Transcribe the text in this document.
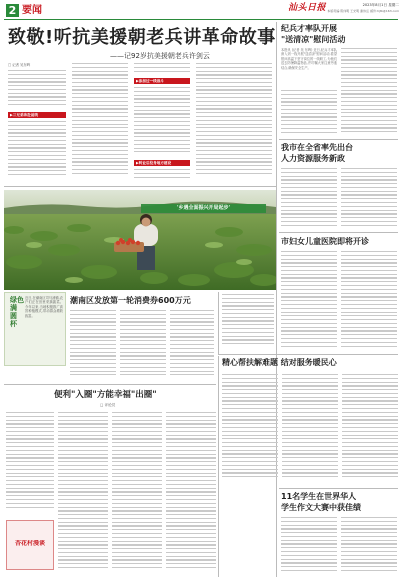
2 要闻	汕头日报	2023年8月1日 星期二
本版责编:陈伟明 王光明 谢伟岳 邮件:hjtb@163.com
致敬!听抗美援朝老兵讲革命故事
——记92岁抗美援朝老兵许剑云
□ 记者 吴东晖
▶三兄弟奔赴前线
▶参加过一线战斗
▶转业后投身地方建设
纪兵才率队开展
"送清凉"慰问活动
本报讯 (记者 吴 东晖) 近日,纪兵才率队深入到一线开展"送清凉"慰问活动,看望慰问高温下坚守岗位的一线职工,为他们送去防暑降温物品,并叮嘱大家注意劳逸结合,确保安全生产。
我市在全省率先出台
人力资源服务新政
市妇女儿童医院即将开诊
精心帮扶解难题 结对服务暖民心
11名学生在世界华人
学生作文大赛中获佳绩
'乡遇全面振兴开局起步'
绿色
满
圆
杯
近日,在潮南区司马浦镇,农户们正在田里采摘蔬菜。今年以来,当地积极推广高效种植模式,带动群众增收致富。
潮南区发放第一轮消费券600万元
便利"入圈"方能幸福"出圈"
□ 评论员
杏花村漫谈
